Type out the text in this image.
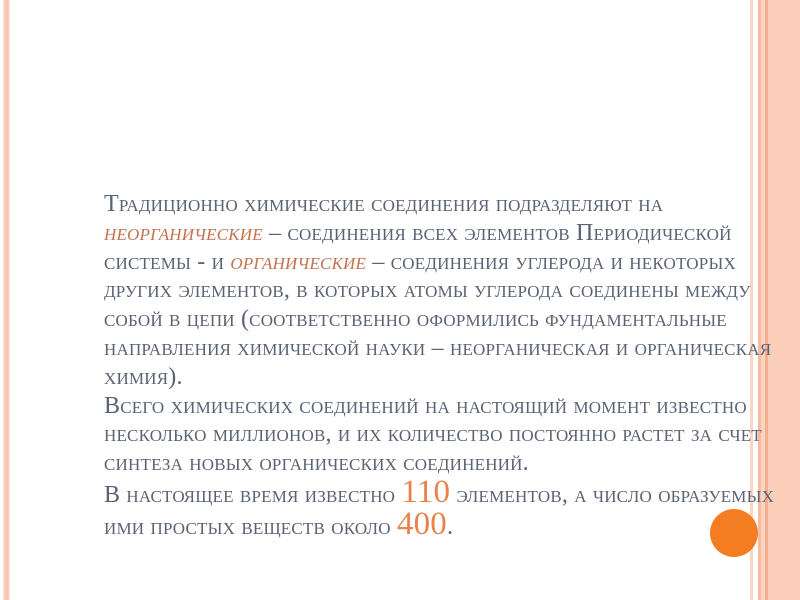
Традиционно химические соединения подразделяют на
неорганические – соединения всех элементов Периодической
системы - и органические – соединения углерода и некоторых
других элементов, в которых атомы углерода соединены между
собой в цепи (соответственно оформились фундаментальные
направления химической науки – неорганическая и органическая
химия).
Всего химических соединений на настоящий момент известно
несколько миллионов, и их количество постоянно растет за счет
синтеза новых органических соединений.
В настоящее время известно 110 элементов, а число образуемых
ими простых веществ около 400.
